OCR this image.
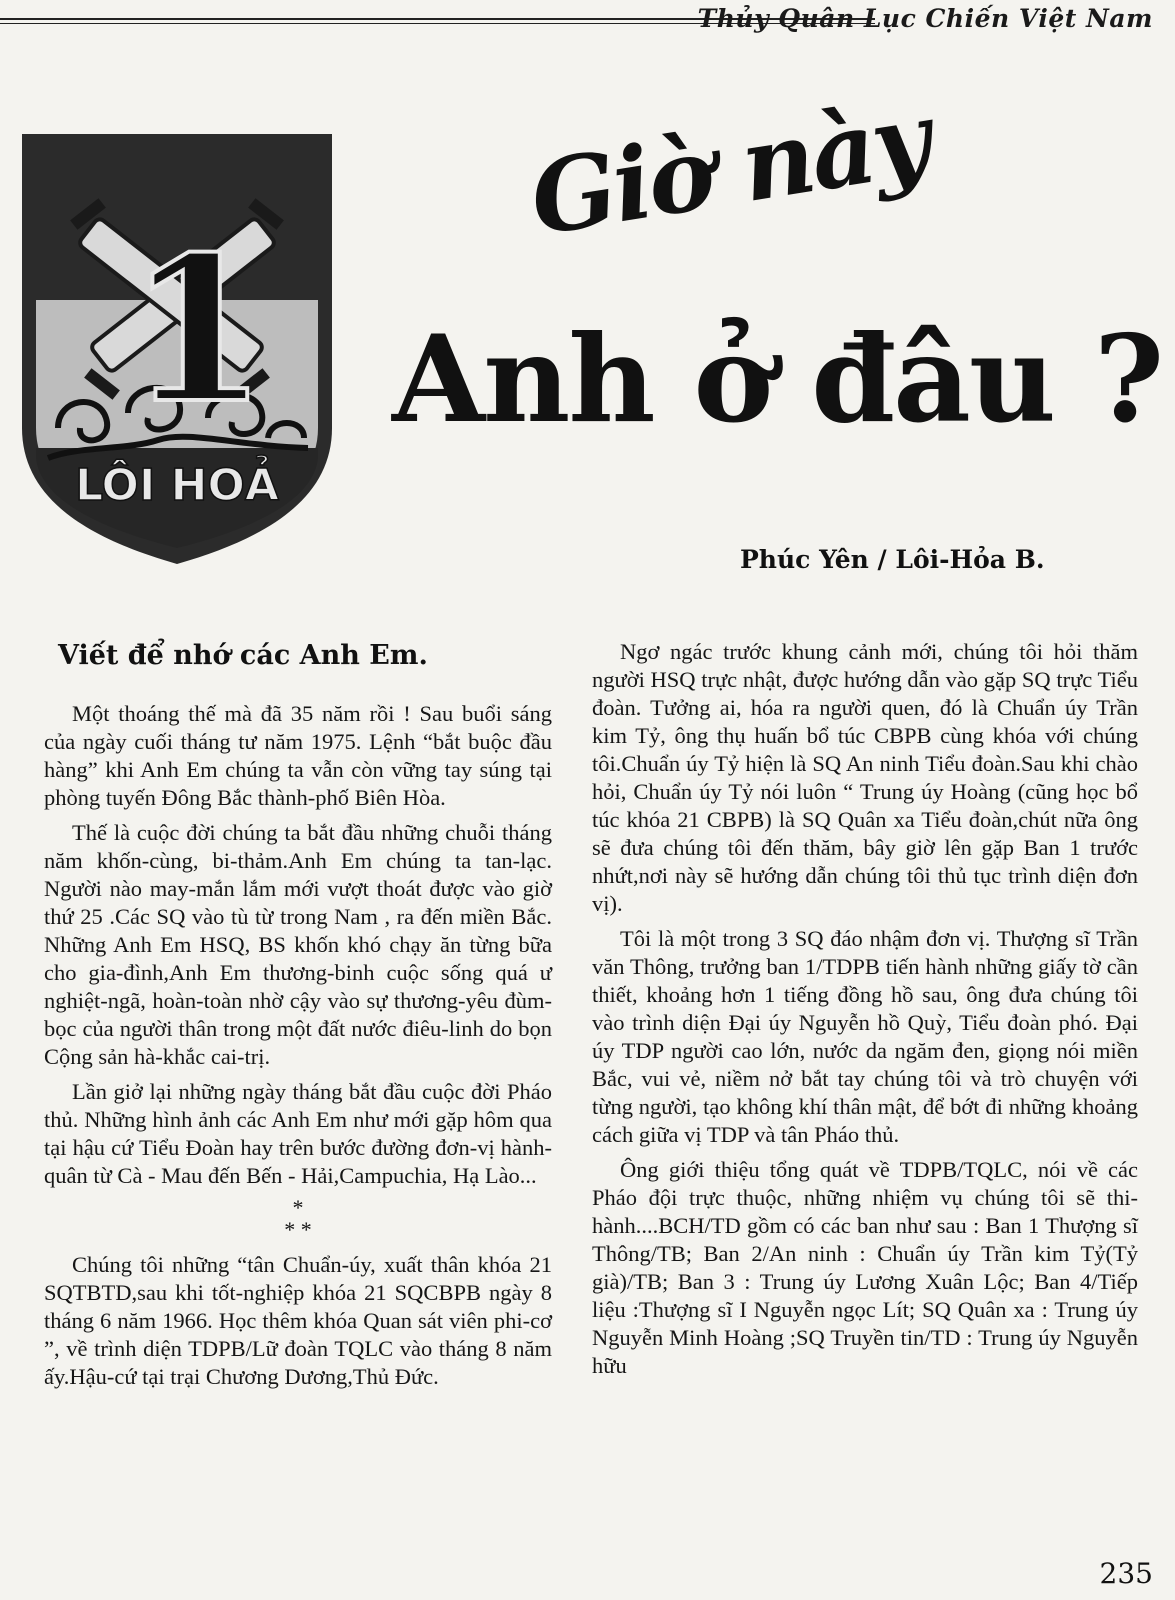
Thủy Quân Lục Chiến Việt Nam
1
LÔI HOẢ
Giờ này
Anh ở đâu ?
Phúc Yên / Lôi-Hỏa B.
Viết để nhớ các Anh Em.

Một thoáng thế mà đã 35 năm rồi ! Sau buổi sáng của ngày cuối tháng tư năm 1975. Lệnh “bắt buộc đầu hàng” khi Anh Em chúng ta vẫn còn vững tay súng tại phòng tuyến Đông Bắc thành-phố Biên Hòa.

Thế là cuộc đời chúng ta bắt đầu những chuỗi tháng năm khốn-cùng, bi-thảm.Anh Em chúng ta tan-lạc. Người nào may-mắn lắm mới vượt thoát được vào giờ thứ 25 .Các SQ vào tù từ trong Nam , ra đến miền Bắc. Những Anh Em HSQ, BS khốn khó chạy ăn từng bữa cho gia-đình,Anh Em thương-binh cuộc sống quá ư nghiệt-ngã, hoàn-toàn nhờ cậy vào sự thương-yêu đùm-bọc của người thân trong một đất nước điêu-linh do bọn Cộng sản hà-khắc cai-trị.

Lần giở lại những ngày tháng bắt đầu cuộc đời Pháo thủ. Những hình ảnh các Anh Em như mới gặp hôm qua tại hậu cứ Tiểu Đoàn hay trên bước đường đơn-vị hành-quân từ Cà - Mau đến Bến - Hải,Campuchia, Hạ Lào...

*
* *

Chúng tôi những “tân Chuẩn-úy, xuất thân khóa 21 SQTBTD,sau khi tốt-nghiệp khóa 21 SQCBPB ngày 8 tháng 6 năm 1966. Học thêm khóa Quan sát viên phi-cơ ”, về trình diện TDPB/Lữ đoàn TQLC vào tháng 8 năm ấy.Hậu-cứ tại trại Chương Dương,Thủ Đức.

Ngơ ngác trước khung cảnh mới, chúng tôi hỏi thăm người HSQ trực nhật, được hướng dẫn vào gặp SQ trực Tiểu đoàn. Tưởng ai, hóa ra người quen, đó là Chuẩn úy Trần kim Tỷ, ông thụ huấn bổ túc CBPB cùng khóa với chúng tôi.Chuẩn úy Tỷ hiện là SQ An ninh Tiểu đoàn.Sau khi chào hỏi, Chuẩn úy Tỷ nói luôn “ Trung úy Hoàng (cũng học bổ túc khóa 21 CBPB) là SQ Quân xa Tiểu đoàn,chút nữa ông sẽ đưa chúng tôi đến thăm, bây giờ lên gặp Ban 1 trước nhứt,nơi này sẽ hướng dẫn chúng tôi thủ tục trình diện đơn vị).

Tôi là một trong 3 SQ đáo nhậm đơn vị. Thượng sĩ Trần văn Thông, trưởng ban 1/TDPB tiến hành những giấy tờ cần thiết, khoảng hơn 1 tiếng đồng hồ sau, ông đưa chúng tôi vào trình diện Đại úy Nguyễn hồ Quỳ, Tiểu đoàn phó. Đại úy TDP người cao lớn, nước da ngăm đen, giọng nói miền Bắc, vui vẻ, niềm nở bắt tay chúng tôi và trò chuyện với từng người, tạo không khí thân mật, để bớt đi những khoảng cách giữa vị TDP và tân Pháo thủ.

Ông giới thiệu tổng quát về TDPB/TQLC, nói về các Pháo đội trực thuộc, những nhiệm vụ chúng tôi sẽ thi-hành....BCH/TD gồm có các ban như sau : Ban 1 Thượng sĩ Thông/TB; Ban 2/An ninh : Chuẩn úy Trần kim Tỷ(Tỷ già)/TB; Ban 3 : Trung úy Lương Xuân Lộc; Ban 4/Tiếp liệu :Thượng sĩ I Nguyễn ngọc Lít; SQ Quân xa : Trung úy Nguyễn Minh Hoàng ;SQ Truyền tin/TD : Trung úy Nguyễn hữu

235
